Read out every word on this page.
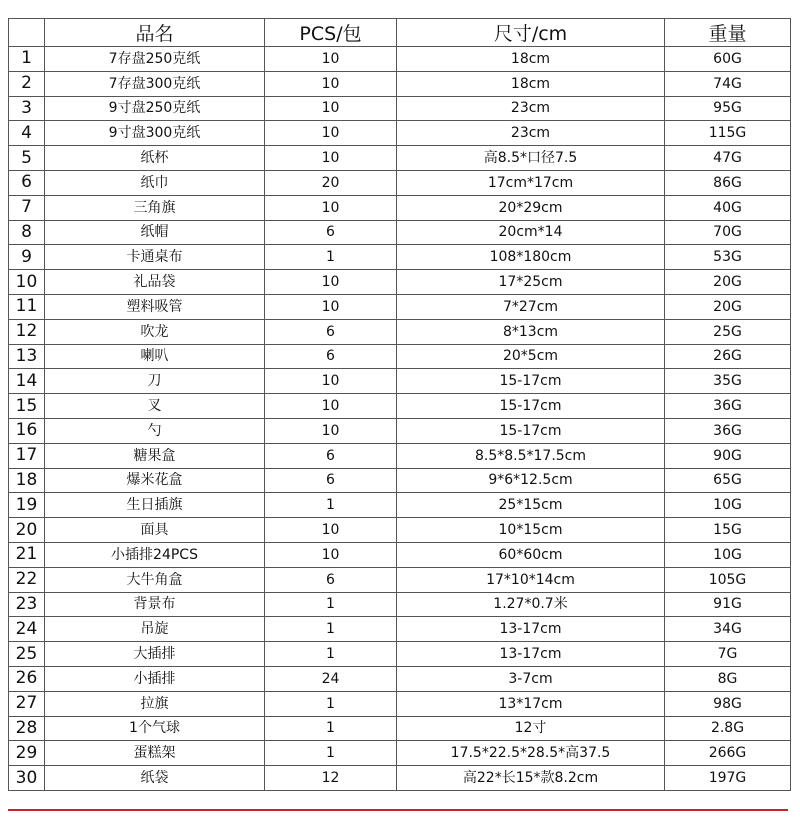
	品名	PCS/包	尺寸/cm	重量
1	7存盘250克纸	10	18cm	60G
2	7存盘300克纸	10	18cm	74G
3	9寸盘250克纸	10	23cm	95G
4	9寸盘300克纸	10	23cm	115G
5	纸杯	10	高8.5*口径7.5	47G
6	纸巾	20	17cm*17cm	86G
7	三角旗	10	20*29cm	40G
8	纸帽	6	20cm*14	70G
9	卡通桌布	1	108*180cm	53G
10	礼品袋	10	17*25cm	20G
11	塑料吸管	10	7*27cm	20G
12	吹龙	6	8*13cm	25G
13	喇叭	6	20*5cm	26G
14	刀	10	15-17cm	35G
15	叉	10	15-17cm	36G
16	勺	10	15-17cm	36G
17	糖果盒	6	8.5*8.5*17.5cm	90G
18	爆米花盒	6	9*6*12.5cm	65G
19	生日插旗	1	25*15cm	10G
20	面具	10	10*15cm	15G
21	小插排24PCS	10	60*60cm	10G
22	大牛角盒	6	17*10*14cm	105G
23	背景布	1	1.27*0.7米	91G
24	吊旋	1	13-17cm	34G
25	大插排	1	13-17cm	7G
26	小插排	24	3-7cm	8G
27	拉旗	1	13*17cm	98G
28	1个气球	1	12寸	2.8G
29	蛋糕架	1	17.5*22.5*28.5*高37.5	266G
30	纸袋	12	高22*长15*款8.2cm	197G
